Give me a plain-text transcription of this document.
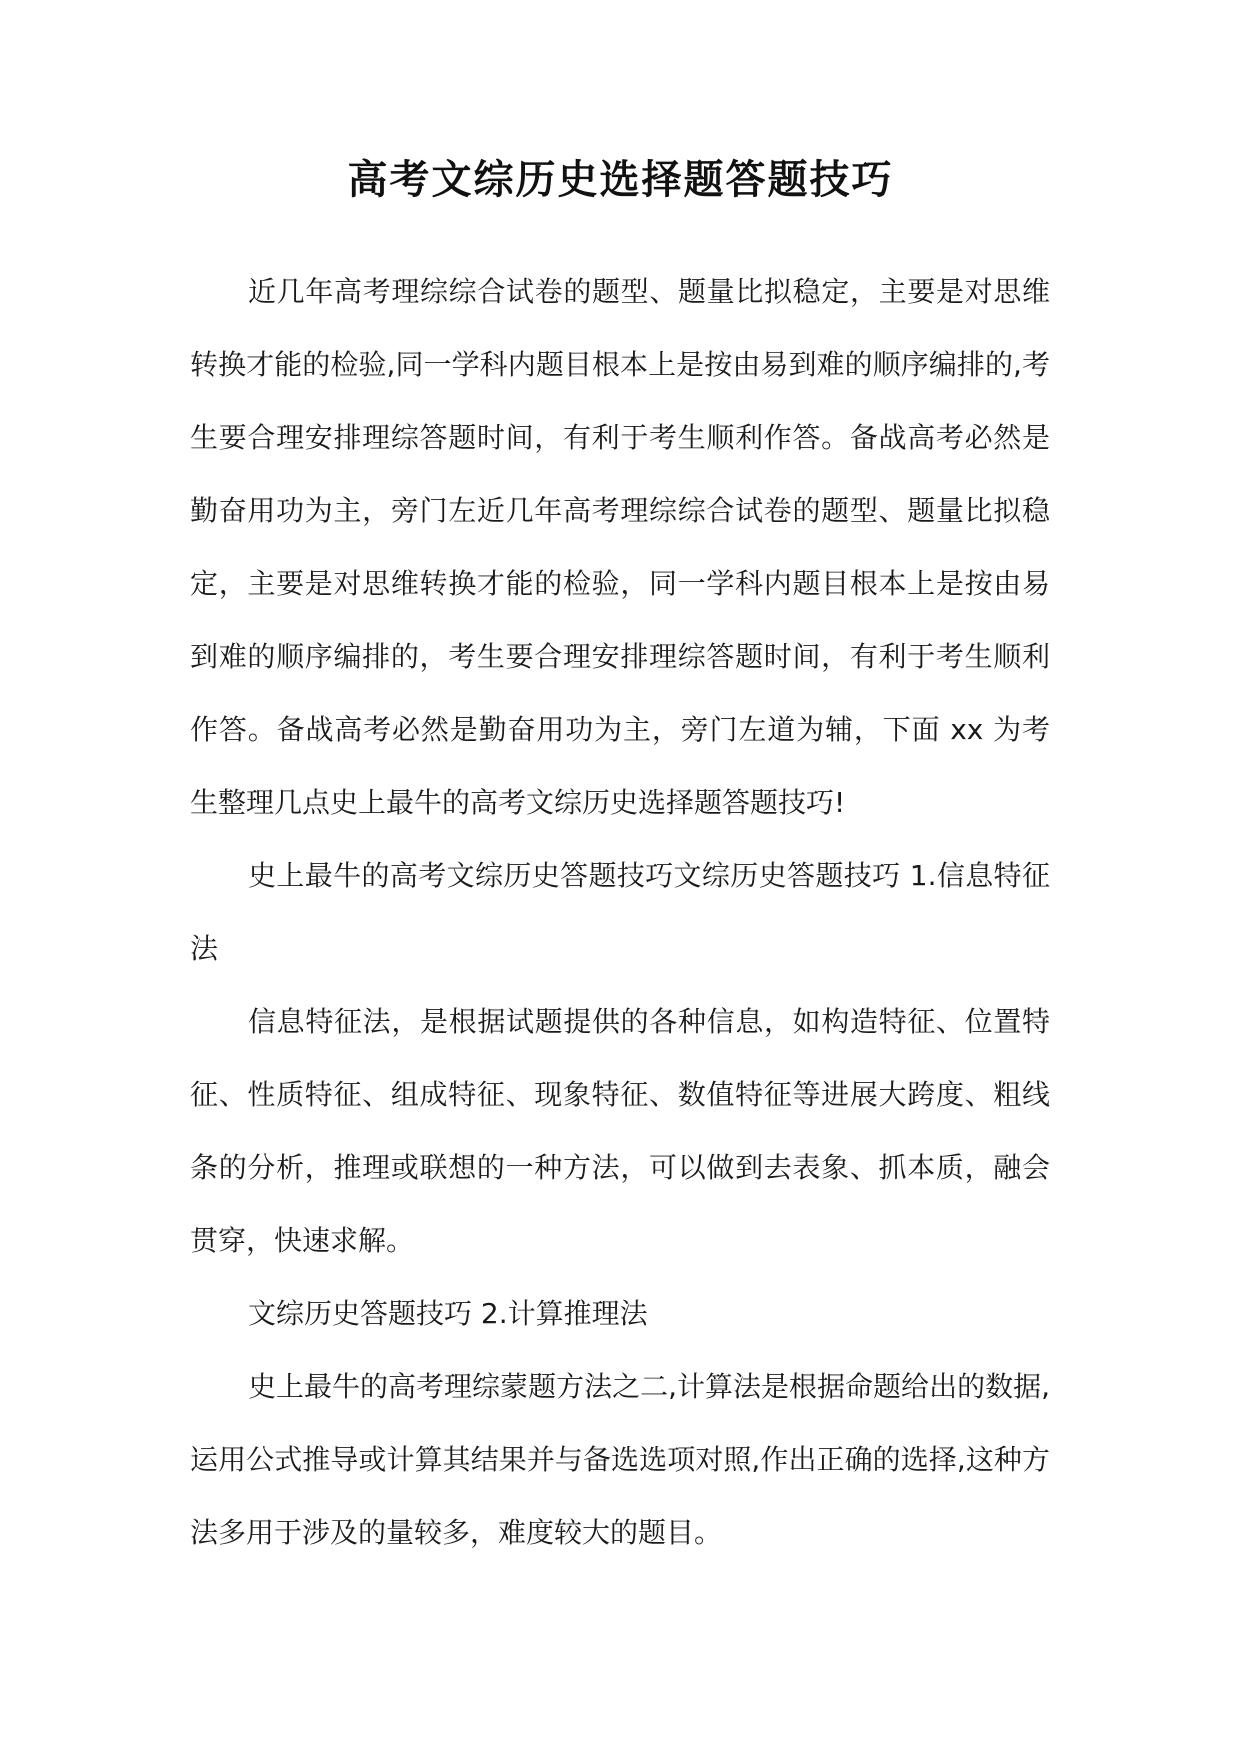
高考文综历史选择题答题技巧

近几年高考理综综合试卷的题型、题量比拟稳定，主要是对思维转换才能的检验,同一学科内题目根本上是按由易到难的顺序编排的,考生要合理安排理综答题时间，有利于考生顺利作答。备战高考必然是勤奋用功为主，旁门左近几年高考理综综合试卷的题型、题量比拟稳定，主要是对思维转换才能的检验，同一学科内题目根本上是按由易到难的顺序编排的，考生要合理安排理综答题时间，有利于考生顺利作答。备战高考必然是勤奋用功为主，旁门左道为辅，下面 xx 为考生整理几点史上最牛的高考文综历史选择题答题技巧!

史上最牛的高考文综历史答题技巧文综历史答题技巧 1.信息特征法

信息特征法，是根据试题提供的各种信息，如构造特征、位置特征、性质特征、组成特征、现象特征、数值特征等进展大跨度、粗线条的分析，推理或联想的一种方法，可以做到去表象、抓本质，融会贯穿，快速求解。

文综历史答题技巧 2.计算推理法

史上最牛的高考理综蒙题方法之二,计算法是根据命题给出的数据,运用公式推导或计算其结果并与备选选项对照,作出正确的选择,这种方法多用于涉及的量较多，难度较大的题目。
